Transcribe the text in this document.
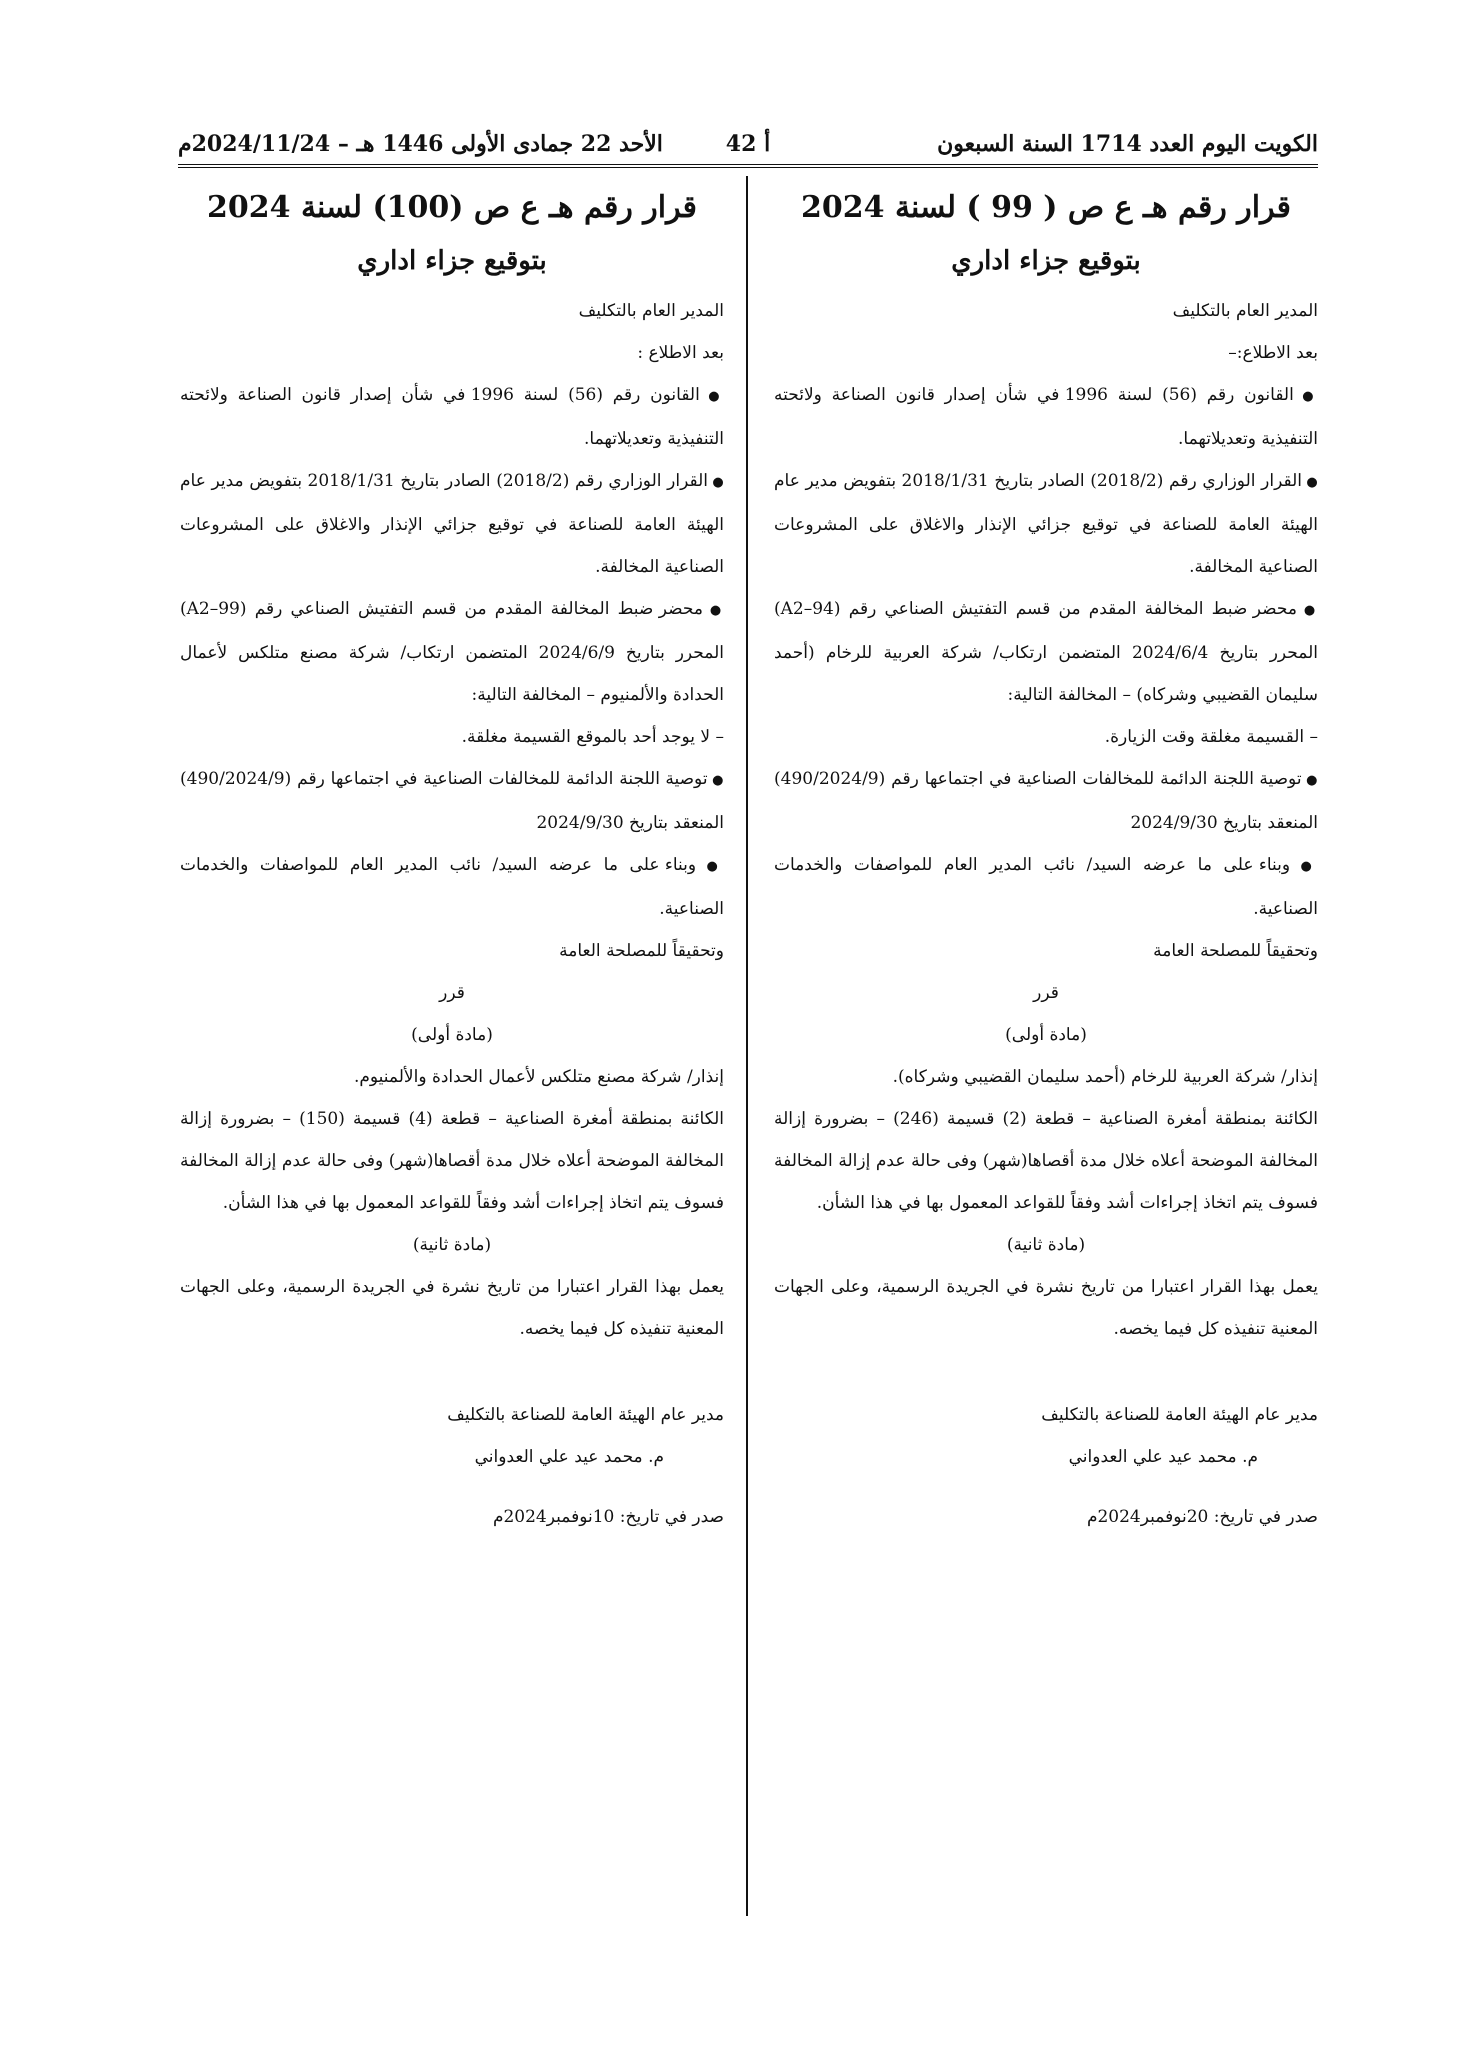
الكويت اليوم العدد 1714 السنة السبعون
أ 42
الأحد 22 جمادى الأولى 1446 هـ – 2024/11/24م

قرار رقم هـ ع ص ( 99 ) لسنة 2024

بتوقيع جزاء اداري

المدير العام بالتكليف

بعد الاطلاع:–

● القانون رقم (56) لسنة 1996 في شأن إصدار قانون الصناعة ولائحته التنفيذية وتعديلاتهما.

● القرار الوزاري رقم (2018/2) الصادر بتاريخ 2018/1/31 بتفويض مدير عام الهيئة العامة للصناعة في توقيع جزائي الإنذار والاغلاق على المشروعات الصناعية المخالفة.

● محضر ضبط المخالفة المقدم من قسم التفتيش الصناعي رقم (A2–94) المحرر بتاريخ 2024/6/4 المتضمن ارتكاب/ شركة العربية للرخام (أحمد سليمان القضيبي وشركاه) – المخالفة التالية:

– القسيمة مغلقة وقت الزيارة.

● توصية اللجنة الدائمة للمخالفات الصناعية في اجتماعها رقم (490/2024/9) المنعقد بتاريخ 2024/9/30

● وبناء على ما عرضه السيد/ نائب المدير العام للمواصفات والخدمات الصناعية.

وتحقيقاً للمصلحة العامة

قرر

(مادة أولى)

إنذار/ شركة العربية للرخام (أحمد سليمان القضيبي وشركاه).

الكائنة بمنطقة أمغرة الصناعية – قطعة (2) قسيمة (246) – بضرورة إزالة المخالفة الموضحة أعلاه خلال مدة أقصاها(شهر) وفى حالة عدم إزالة المخالفة فسوف يتم اتخاذ إجراءات أشد وفقاً للقواعد المعمول بها في هذا الشأن.

(مادة ثانية)

يعمل بهذا القرار اعتبارا من تاريخ نشرة في الجريدة الرسمية، وعلى الجهات المعنية تنفيذه كل فيما يخصه.

مدير عام الهيئة العامة للصناعة بالتكليف

م. محمد عيد علي العدواني

صدر في تاريخ: 20نوفمبر2024م

قرار رقم هـ ع ص (100) لسنة 2024

بتوقيع جزاء اداري

المدير العام بالتكليف

بعد الاطلاع :

● القانون رقم (56) لسنة 1996 في شأن إصدار قانون الصناعة ولائحته التنفيذية وتعديلاتهما.

● القرار الوزاري رقم (2018/2) الصادر بتاريخ 2018/1/31 بتفويض مدير عام الهيئة العامة للصناعة في توقيع جزائي الإنذار والاغلاق على المشروعات الصناعية المخالفة.

● محضر ضبط المخالفة المقدم من قسم التفتيش الصناعي رقم (A2–99) المحرر بتاريخ 2024/6/9 المتضمن ارتكاب/ شركة مصنع متلكس لأعمال الحدادة والألمنيوم – المخالفة التالية:

– لا يوجد أحد بالموقع القسيمة مغلقة.

● توصية اللجنة الدائمة للمخالفات الصناعية في اجتماعها رقم (490/2024/9) المنعقد بتاريخ 2024/9/30

● وبناء على ما عرضه السيد/ نائب المدير العام للمواصفات والخدمات الصناعية.

وتحقيقاً للمصلحة العامة

قرر

(مادة أولى)

إنذار/ شركة مصنع متلكس لأعمال الحدادة والألمنيوم.

الكائنة بمنطقة أمغرة الصناعية – قطعة (4) قسيمة (150) – بضرورة إزالة المخالفة الموضحة أعلاه خلال مدة أقصاها(شهر) وفى حالة عدم إزالة المخالفة فسوف يتم اتخاذ إجراءات أشد وفقاً للقواعد المعمول بها في هذا الشأن.

(مادة ثانية)

يعمل بهذا القرار اعتبارا من تاريخ نشرة في الجريدة الرسمية، وعلى الجهات المعنية تنفيذه كل فيما يخصه.

مدير عام الهيئة العامة للصناعة بالتكليف

م. محمد عيد علي العدواني

صدر في تاريخ: 10نوفمبر2024م
